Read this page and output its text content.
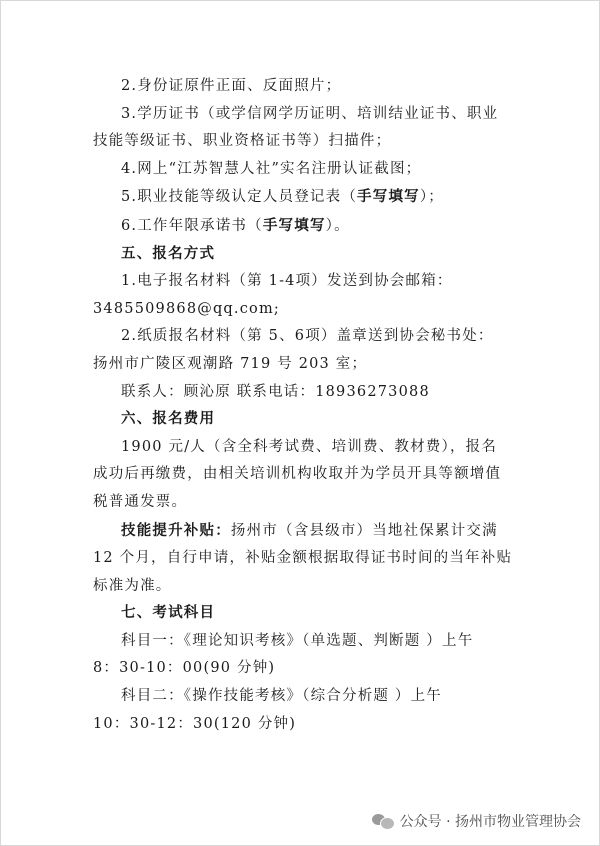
2.身份证原件正面、反面照片；

3.学历证书（或学信网学历证明、培训结业证书、职业

技能等级证书、职业资格证书等）扫描件；

4.网上“江苏智慧人社”实名注册认证截图；

5.职业技能等级认定人员登记表（手写填写）；

6.工作年限承诺书（手写填写）。

五、报名方式

1.电子报名材料（第 1-4项）发送到协会邮箱：

3485509868@qq.com;

2.纸质报名材料（第 5、6项）盖章送到协会秘书处：

扬州市广陵区观潮路 719 号 203 室；

联系人：顾沁原 联系电话：18936273088

六、报名费用

1900 元/人（含全科考试费、培训费、教材费），报名

成功后再缴费，由相关培训机构收取并为学员开具等额增值

税普通发票。

技能提升补贴：扬州市（含县级市）当地社保累计交满

12 个月，自行申请，补贴金额根据取得证书时间的当年补贴

标准为准。

七、考试科目

科目一：《理论知识考核》（单选题、判断题 ）上午

8：30-10：00(90 分钟)

科目二：《操作技能考核》（综合分析题 ）上午

10：30-12：30(120 分钟)

公众号 · 扬州市物业管理协会
